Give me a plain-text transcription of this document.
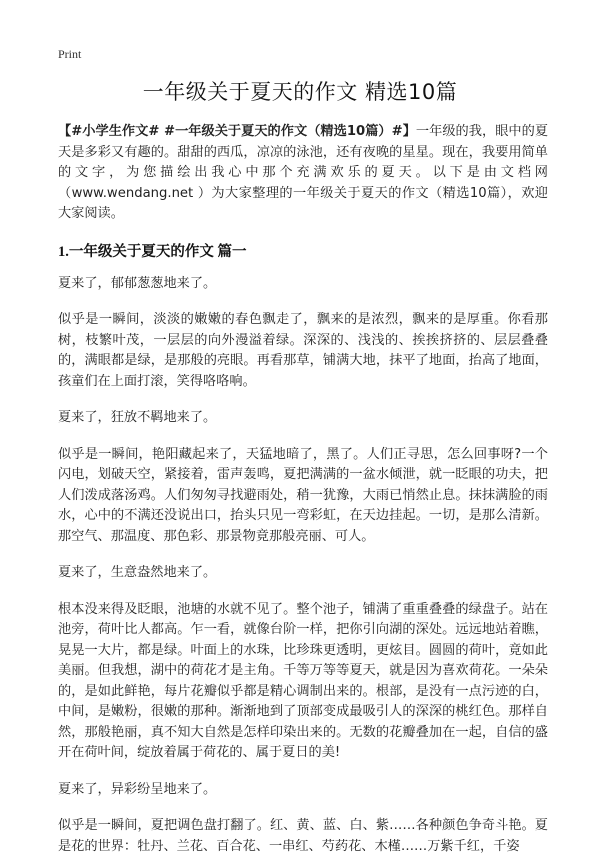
Print
一年级关于夏天的作文 精选10篇

【#小学生作文# #一年级关于夏天的作文（精选10篇）#】一年级的我，眼中的夏天是多彩又有趣的。甜甜的西瓜，凉凉的泳池，还有夜晚的星星。现在，我要用简单的文字，为您描绘出我心中那个充满欢乐的夏天。以下是由文档网（www.wendang.net ）为大家整理的一年级关于夏天的作文（精选10篇），欢迎大家阅读。

1.一年级关于夏天的作文 篇一

夏来了，郁郁葱葱地来了。

似乎是一瞬间，淡淡的嫩嫩的春色飘走了，飘来的是浓烈，飘来的是厚重。你看那树，枝繁叶茂，一层层的向外漫溢着绿。深深的、浅浅的、挨挨挤挤的、层层叠叠的，满眼都是绿，是那般的亮眼。再看那草，铺满大地，抹平了地面，抬高了地面，孩童们在上面打滚，笑得咯咯响。

夏来了，狂放不羁地来了。

似乎是一瞬间，艳阳藏起来了，天猛地暗了，黑了。人们正寻思，怎么回事呀?一个闪电，划破天空，紧接着，雷声轰鸣，夏把满满的一盆水倾泄，就一眨眼的功夫，把人们泼成落汤鸡。人们匆匆寻找避雨处，稍一犹豫，大雨已悄然止息。抹抹满脸的雨水，心中的不满还没说出口，抬头只见一弯彩虹，在天边挂起。一切，是那么清新。那空气、那温度、那色彩、那景物竟那般亮丽、可人。

夏来了，生意盎然地来了。

根本没来得及眨眼，池塘的水就不见了。整个池子，铺满了重重叠叠的绿盘子。站在池旁，荷叶比人都高。乍一看，就像台阶一样，把你引向湖的深处。远远地站着瞧，晃晃一大片，都是绿。叶面上的水珠，比珍珠更透明，更炫目。圆圆的荷叶，竟如此美丽。但我想，湖中的荷花才是主角。千等万等等夏天，就是因为喜欢荷花。一朵朵的，是如此鲜艳，每片花瓣似乎都是精心调制出来的。根部，是没有一点污迹的白，中间，是嫩粉，很嫩的那种。渐渐地到了顶部变成最吸引人的深深的桃红色。那样自然，那般艳丽，真不知大自然是怎样印染出来的。无数的花瓣叠加在一起，自信的盛开在荷叶间，绽放着属于荷花的、属于夏日的美!

夏来了，异彩纷呈地来了。

似乎是一瞬间，夏把调色盘打翻了。红、黄、蓝、白、紫……各种颜色争奇斗艳。夏是花的世界：牡丹、兰花、百合花、一串红、芍药花、木槿……万紫千红，千姿
